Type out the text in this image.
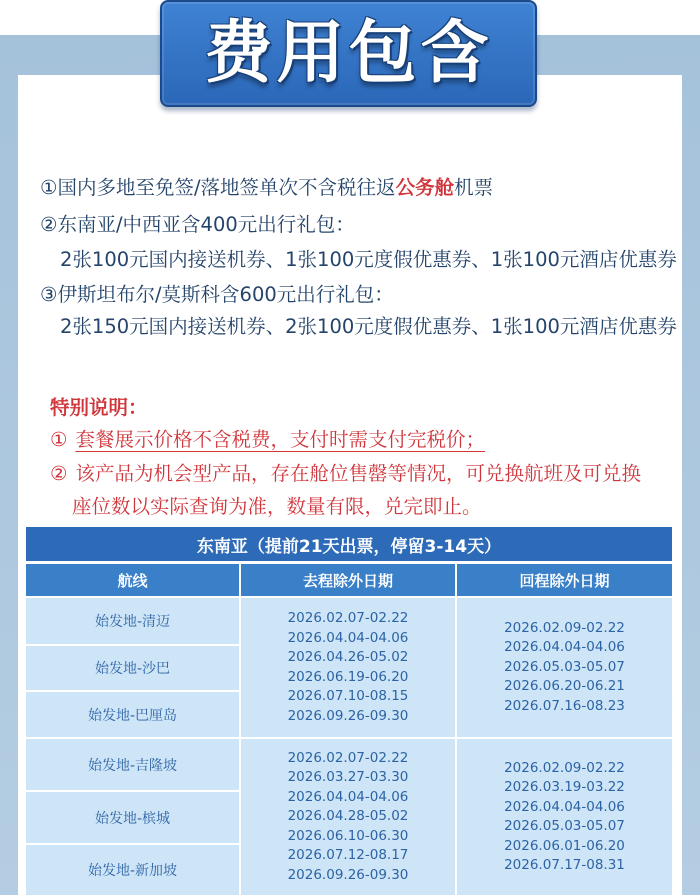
费用包含
①国内多地至免签/落地签单次不含税往返公务舱机票
②东南亚/中西亚含400元出行礼包：
2张100元国内接送机券、1张100元度假优惠券、1张100元酒店优惠券
③伊斯坦布尔/莫斯科含600元出行礼包：
2张150元国内接送机券、2张100元度假优惠券、1张100元酒店优惠券
特别说明：
① 套餐展示价格不含税费，支付时需支付完税价；
② 该产品为机会型产品，存在舱位售罄等情况，可兑换航班及可兑换
座位数以实际查询为准，数量有限，兑完即止。
东南亚（提前21天出票，停留3-14天）
航线	去程除外日期	回程除外日期
始发地-清迈
始发地-沙巴
始发地-巴厘岛
2026.02.07-02.22
2026.04.04-04.06
2026.04.26-05.02
2026.06.19-06.20
2026.07.10-08.15
2026.09.26-09.30
2026.02.09-02.22
2026.04.04-04.06
2026.05.03-05.07
2026.06.20-06.21
2026.07.16-08.23
始发地-吉隆坡
始发地-槟城
始发地-新加坡
2026.02.07-02.22
2026.03.27-03.30
2026.04.04-04.06
2026.04.28-05.02
2026.06.10-06.30
2026.07.12-08.17
2026.09.26-09.30
2026.02.09-02.22
2026.03.19-03.22
2026.04.04-04.06
2026.05.03-05.07
2026.06.01-06.20
2026.07.17-08.31
